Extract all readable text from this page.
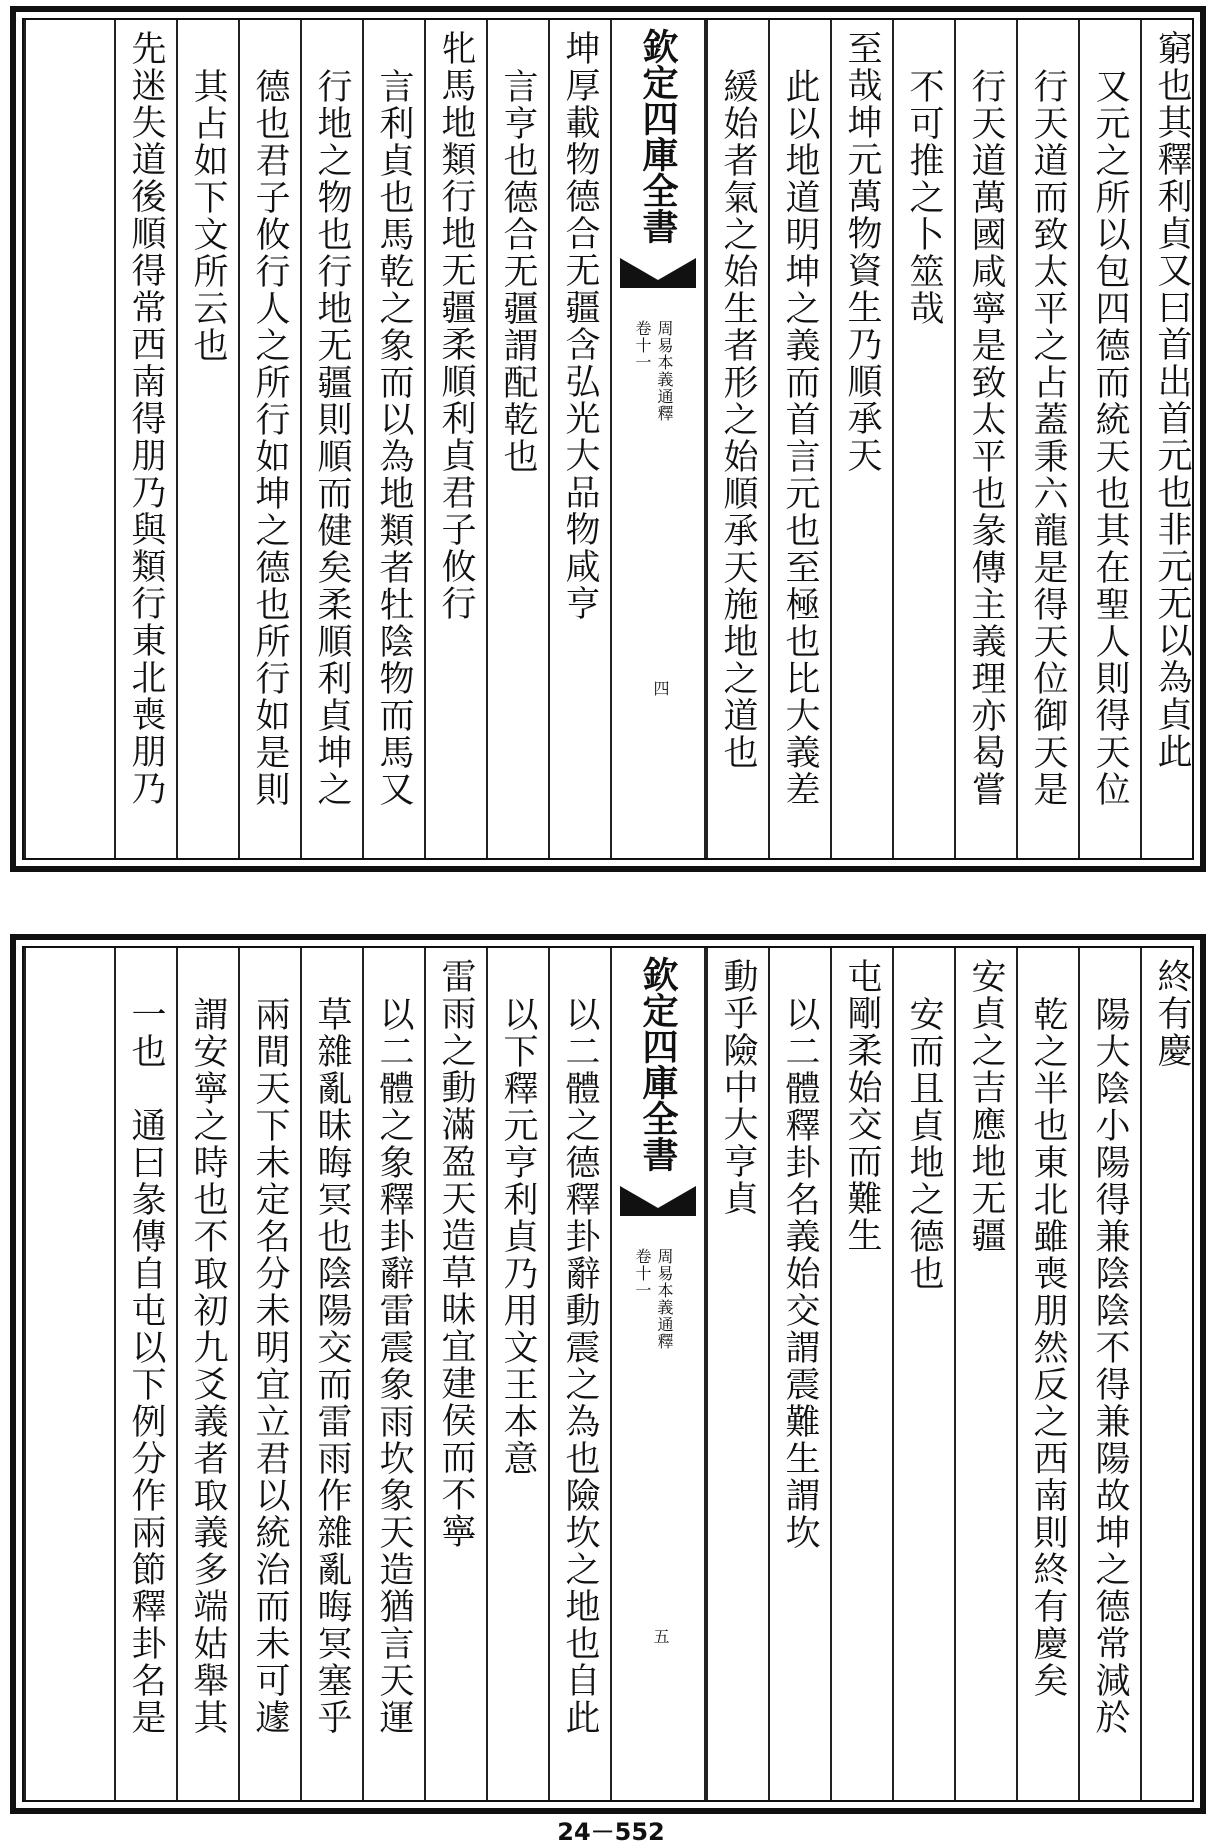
窮也其釋利貞又曰首出首元也非元无以為貞此
又元之所以包四德而統天也其在聖人則得天位
行天道而致太平之占蓋秉六龍是得天位御天是
行天道萬國咸寧是致太平也彖傳主義理亦曷嘗
不可推之卜筮哉
至哉坤元萬物資生乃順承天
此以地道明坤之義而首言元也至極也比大義差
緩始者氣之始生者形之始順承天施地之道也
欽定四庫全書
周易本義通釋
卷十一
四
坤厚載物德合无疆含弘光大品物咸亨
言亨也德合无疆謂配乾也
牝馬地類行地无疆柔順利貞君子攸行
言利貞也馬乾之象而以為地類者牡陰物而馬又
行地之物也行地无疆則順而健矣柔順利貞坤之
德也君子攸行人之所行如坤之德也所行如是則
其占如下文所云也
先迷失道後順得常西南得朋乃與類行東北喪朋乃
終有慶
陽大陰小陽得兼陰陰不得兼陽故坤之德常減於
乾之半也東北雖喪朋然反之西南則終有慶矣
安貞之吉應地无疆
安而且貞地之德也
屯剛柔始交而難生
以二體釋卦名義始交謂震難生謂坎
動乎險中大亨貞
欽定四庫全書
周易本義通釋
卷十一
五
以二體之德釋卦辭動震之為也險坎之地也自此
以下釋元亨利貞乃用文王本意
雷雨之動滿盈天造草昧宜建侯而不寧
以二體之象釋卦辭雷震象雨坎象天造猶言天運
草雜亂昧晦冥也陰陽交而雷雨作雜亂晦冥塞乎
兩間天下未定名分未明宜立君以統治而未可遽
謂安寧之時也不取初九爻義者取義多端姑舉其
一也　通曰彖傳自屯以下例分作兩節釋卦名是
24－552
